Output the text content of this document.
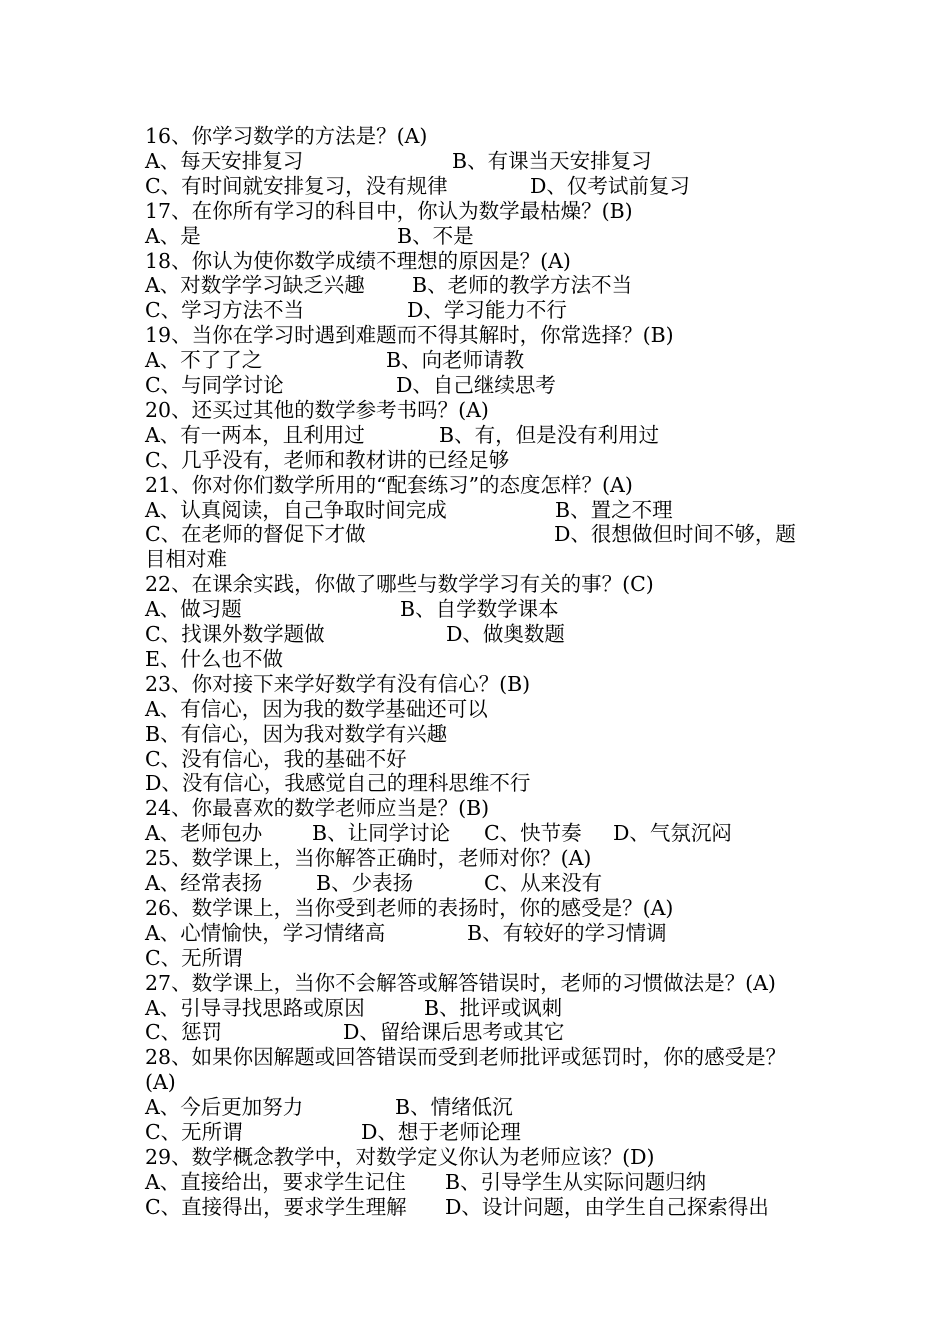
16、你学习数学的方法是？(A)
A、每天安排复习	B、有课当天安排复习
C、有时间就安排复习，没有规律	D、仅考试前复习
17、在你所有学习的科目中，你认为数学最枯燥？(B)
A、是	B、不是
18、你认为使你数学成绩不理想的原因是？(A)
A、对数学学习缺乏兴趣 B、老师的教学方法不当
C、学习方法不当	D、学习能力不行
19、当你在学习时遇到难题而不得其解时，你常选择？(B)
A、不了了之	B、向老师请教
C、与同学讨论	D、自己继续思考
20、还买过其他的数学参考书吗？(A)
A、有一两本，且利用过	B、有，但是没有利用过
C、几乎没有，老师和教材讲的已经足够
21、你对你们数学所用的“配套练习”的态度怎样？(A)
A、认真阅读，自己争取时间完成	B、置之不理
C、在老师的督促下才做	D、很想做但时间不够，题
目相对难
22、在课余实践，你做了哪些与数学学习有关的事？(C)
A、做习题	B、自学数学课本
C、找课外数学题做	D、做奥数题
E、什么也不做
23、你对接下来学好数学有没有信心？(B)
A、有信心，因为我的数学基础还可以
B、有信心，因为我对数学有兴趣
C、没有信心，我的基础不好
D、没有信心，我感觉自己的理科思维不行
24、你最喜欢的数学老师应当是？(B)
A、老师包办 B、让同学讨论 C、快节奏 D、气氛沉闷
25、数学课上，当你解答正确时，老师对你？(A)
A、经常表扬	B、少表扬	C、从来没有
26、数学课上，当你受到老师的表扬时，你的感受是？(A)
A、心情愉快，学习情绪高	B、有较好的学习情调
C、无所谓
27、数学课上，当你不会解答或解答错误时，老师的习惯做法是？(A)
A、引导寻找思路或原因	B、批评或讽刺
C、惩罚	D、留给课后思考或其它
28、如果你因解题或回答错误而受到老师批评或惩罚时，你的感受是？
(A)
A、今后更加努力	B、情绪低沉
C、无所谓	D、想于老师论理
29、数学概念教学中，对数学定义你认为老师应该？(D)
A、直接给出，要求学生记住 B、引导学生从实际问题归纳
C、直接得出，要求学生理解 D、设计问题，由学生自己探索得出
